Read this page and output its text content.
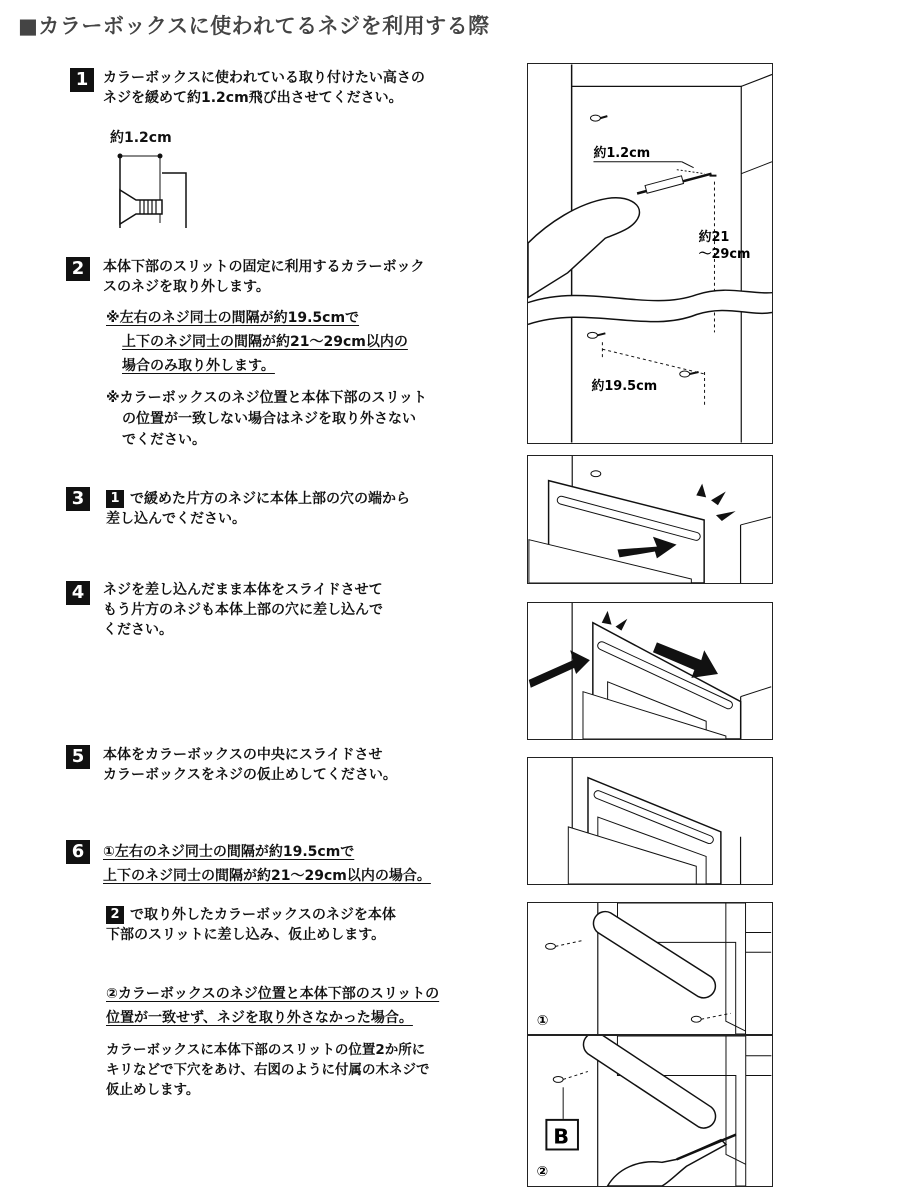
■カラーボックスに使われてるネジを利用する際
1	カラーボックスに使われている取り付けたい高さの
ネジを緩めて約1.2cm飛び出させてください。
約1.2cm
2	本体下部のスリットの固定に利用するカラーボック
スのネジを取り外します。
※左右のネジ同士の間隔が約19.5cmで
上下のネジ同士の間隔が約21～29cm以内の
場合のみ取り外します。
※カラーボックスのネジ位置と本体下部のスリット
の位置が一致しない場合はネジを取り外さない
でください。
3	1 で緩めた片方のネジに本体上部の穴の端から
差し込んでください。
4	ネジを差し込んだまま本体をスライドさせて
もう片方のネジも本体上部の穴に差し込んで
ください。
5	本体をカラーボックスの中央にスライドさせ
カラーボックスをネジの仮止めしてください。
6	①左右のネジ同士の間隔が約19.5cmで
上下のネジ同士の間隔が約21～29cm以内の場合。
2 で取り外したカラーボックスのネジを本体
下部のスリットに差し込み、仮止めします。
②カラーボックスのネジ位置と本体下部のスリットの
位置が一致せず、ネジを取り外さなかった場合。
カラーボックスに本体下部のスリットの位置2か所に
キリなどで下穴をあけ、右図のように付属の木ネジで
仮止めします。
約1.2cm
約21
～29cm
約19.5cm
①
B
②
